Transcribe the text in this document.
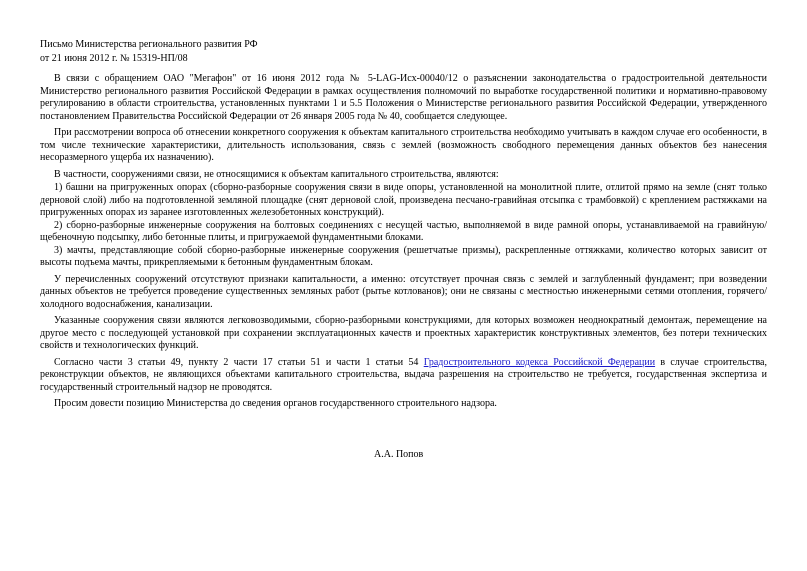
Письмо Министерства регионального развития РФ
от 21 июня 2012 г. № 15319-НП/08

В связи с обращением ОАО "Мегафон" от 16 июня 2012 года № 5-LAG-Исх-00040/12 о разъяснении законодательства о градостроительной деятельности Министерство регионального развития Российской Федерации в рамках осуществления полномочий по выработке государственной политики и нормативно-правовому регулированию в области строительства, установленных пунктами 1 и 5.5 Положения о Министерстве регионального развития Российской Федерации, утвержденного постановлением Правительства Российской Федерации от 26 января 2005 года № 40, сообщается следующее.

При рассмотрении вопроса об отнесении конкретного сооружения к объектам капитального строительства необходимо учитывать в каждом случае его особенности, в том числе технические характеристики, длительность использования, связь с землей (возможность свободного перемещения данных объектов без нанесения несоразмерного ущерба их назначению).

В частности, сооружениями связи, не относящимися к объектам капитального строительства, являются:

1) башни на пригруженных опорах (сборно-разборные сооружения связи в виде опоры, установленной на монолитной плите, отлитой прямо на земле (снят только дерновой слой) либо на подготовленной земляной площадке (снят дерновой слой, произведена песчано-гравийная отсыпка с трамбовкой) с креплением растяжками на пригруженных опорах из заранее изготовленных железобетонных конструкций).

2) сборно-разборные инженерные сооружения на болтовых соединениях с несущей частью, выполняемой в виде рамной опоры, устанавливаемой на гравийную/щебеночную подсыпку, либо бетонные плиты, и пригружаемой фундаментными блоками.

3) мачты, представляющие собой сборно-разборные инженерные сооружения (решетчатые призмы), раскрепленные оттяжками, количество которых зависит от высоты подъема мачты, прикрепляемыми к бетонным фундаментным блокам.

У перечисленных сооружений отсутствуют признаки капитальности, а именно: отсутствует прочная связь с землей и заглубленный фундамент; при возведении данных объектов не требуется проведение существенных земляных работ (рытье котлованов); они не связаны с местностью инженерными сетями отопления, горячего/холодного водоснабжения, канализации.

Указанные сооружения связи являются легковозводимыми, сборно-разборными конструкциями, для которых возможен неоднократный демонтаж, перемещение на другое место с последующей установкой при сохранении эксплуатационных качеств и проектных характеристик конструктивных элементов, без потери технических свойств и технологических функций.

Согласно части 3 статьи 49, пункту 2 части 17 статьи 51 и части 1 статьи 54 Градостроительного кодекса Российской Федерации в случае строительства, реконструкции объектов, не являющихся объектами капитального строительства, выдача разрешения на строительство не требуется, государственная экспертиза и государственный строительный надзор не проводятся.

Просим довести позицию Министерства до сведения органов государственного строительного надзора.

А.А. Попов
